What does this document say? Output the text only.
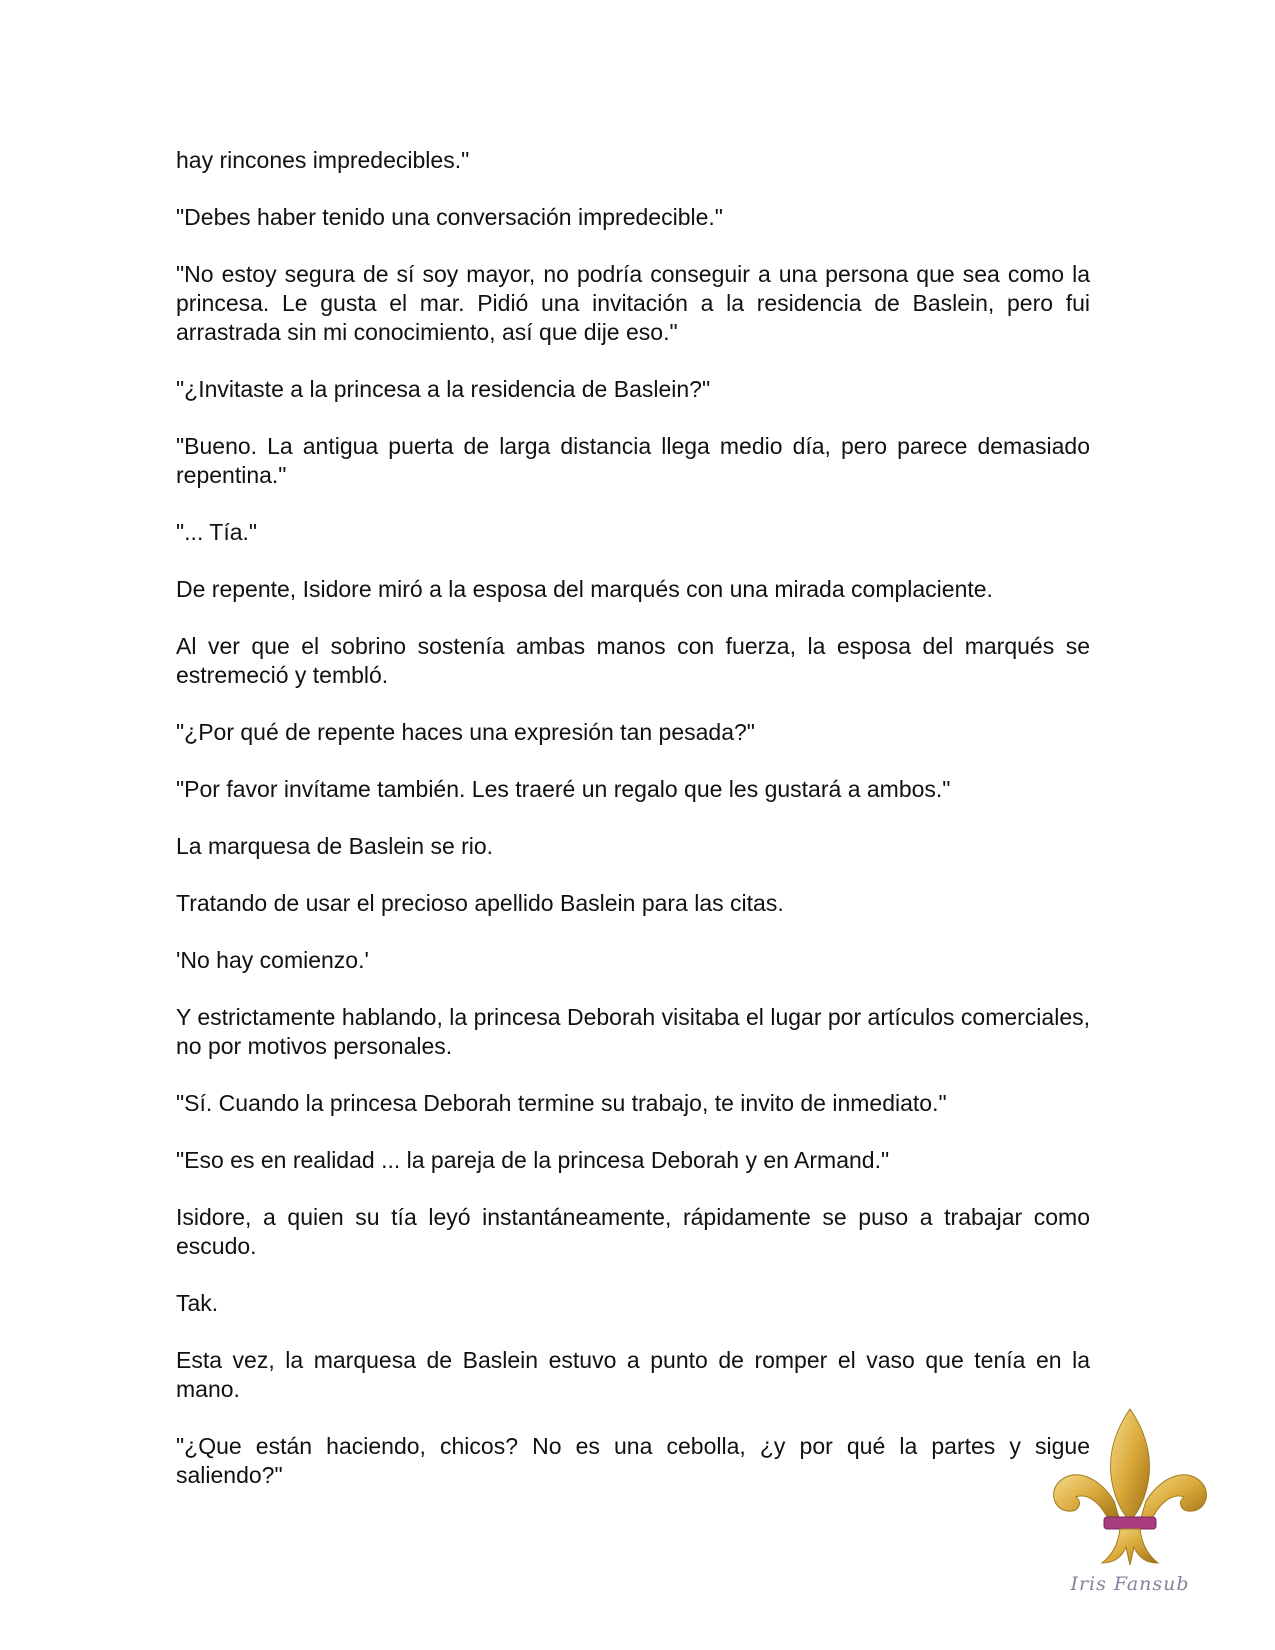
hay rincones impredecibles."

"Debes haber tenido una conversación impredecible."

"No estoy segura de sí soy mayor, no podría conseguir a una persona que sea como la princesa. Le gusta el mar. Pidió una invitación a la residencia de Baslein, pero fui arrastrada sin mi conocimiento, así que dije eso."

"¿Invitaste a la princesa a la residencia de Baslein?"

"Bueno. La antigua puerta de larga distancia llega medio día, pero parece demasiado repentina."

"... Tía."

De repente, Isidore miró a la esposa del marqués con una mirada complaciente.

Al ver que el sobrino sostenía ambas manos con fuerza, la esposa del marqués se estremeció y tembló.

"¿Por qué de repente haces una expresión tan pesada?"

"Por favor invítame también. Les traeré un regalo que les gustará a ambos."

La marquesa de Baslein se rio.

Tratando de usar el precioso apellido Baslein para las citas.

'No hay comienzo.'

Y estrictamente hablando, la princesa Deborah visitaba el lugar por artículos comerciales, no por motivos personales.

"Sí. Cuando la princesa Deborah termine su trabajo, te invito de inmediato."

"Eso es en realidad ... la pareja de la princesa Deborah y en Armand."

Isidore, a quien su tía leyó instantáneamente, rápidamente se puso a trabajar como escudo.

Tak.

Esta vez, la marquesa de Baslein estuvo a punto de romper el vaso que tenía en la mano.

"¿Que están haciendo, chicos? No es una cebolla, ¿y por qué la partes y sigue saliendo?"

Iris Fansub
